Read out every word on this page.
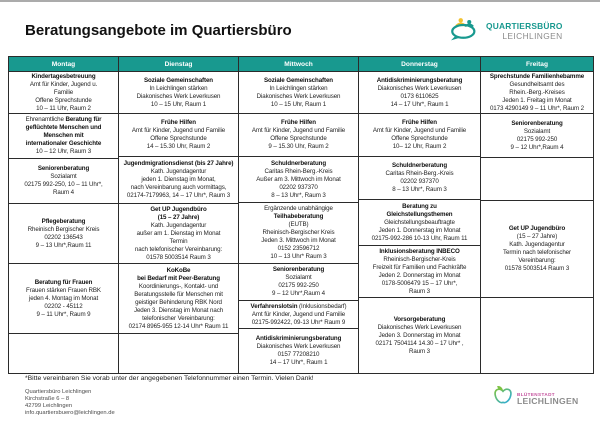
Beratungsangebote im Quartiersbüro	QUARTIERSBÜRO
LEICHLINGEN
Montag
Kindertagesbetreuung
Amt für Kinder, Jugend u.
Familie
Offene Sprechstunde
10 – 11 Uhr, Raum 2
Ehrenamtliche Beratung für
geflüchtete Menschen und
Menschen mit
internationaler Geschichte
10 – 12 Uhr, Raum 3
Seniorenberatung
Sozialamt
02175 992-250, 10 – 11 Uhr*,
Raum 4
Pflegeberatung
Rheinisch Bergischer Kreis
02202 136543
9 – 13 Uhr*,Raum 11
Beratung für Frauen
Frauen stärken Frauen RBK
jeden 4. Montag im Monat
02202 - 45112
9 – 11 Uhr*, Raum 9
Dienstag
Soziale Gemeinschaften
In Leichlingen stärken
Diakonisches Werk Leverkusen
10 – 15 Uhr, Raum 1
Frühe Hilfen
Amt für Kinder, Jugend und Familie
Offene Sprechstunde
14 – 15.30 Uhr, Raum 2
Jugendmigrationsdienst (bis 27 Jahre)
Kath. Jugendagentur
jeden 1. Dienstag im Monat,
nach Vereinbarung auch vormittags,
02174-7179963, 14 – 17 Uhr*, Raum 3
Get UP Jugendbüro
(15 – 27 Jahre)
Kath. Jugendagentur
außer am 1. Dienstag im Monat
Termin
nach telefonischer Vereinbarung:
01578 5003514 Raum 3
KoKoBe
bei Bedarf mit Peer-Beratung
Koordinierungs-, Kontakt- und
Beratungsstelle für Menschen mit
geistiger Behinderung RBK Nord
Jeden 3. Dienstag im Monat nach
telefonischer Vereinbarung:
02174 8965-955 12-14 Uhr* Raum 11
Mittwoch
Soziale Gemeinschaften
In Leichlingen stärken
Diakonisches Werk Leverkusen
10 – 15 Uhr, Raum 1
Frühe Hilfen
Amt für Kinder, Jugend und Familie
Offene Sprechstunde
9 – 15.30 Uhr, Raum 2
Schuldnerberatung
Caritas Rhein-Berg.-Kreis
Außer am 3. Mittwoch im Monat
02202 937370
8 – 13 Uhr*, Raum 3
Ergänzende unabhängige
Teilhabeberatung
(EUTB)
Rheinisch-Bergischer Kreis
Jeden 3. Mittwoch im Monat
0152 23596712
10 – 13 Uhr* Raum 3
Seniorenberatung
Sozialamt
02175 992-250
9 – 12 Uhr*,Raum 4
Verfahrenslotsin (Inklusionsbedarf)
Amt für Kinder, Jugend und Familie
02175-992422, 09-13 Uhr* Raum 9
Antidiskriminierungsberatung
Diakonisches Werk Leverkusen
0157 77208210
14 – 17 Uhr*, Raum 1
Donnerstag
Antidiskriminierungsberatung
Diakonisches Werk Leverkusen
0173 6110625
14 – 17 Uhr*, Raum 1
Frühe Hilfen
Amt für Kinder, Jugend und Familie
Offene Sprechstunde
10– 12 Uhr, Raum 2
Schuldnerberatung
Caritas Rhein-Berg.-Kreis
02202 937370
8 – 13 Uhr*, Raum 3
Beratung zu
Gleichstellungsthemen
Gleichstellungsbeauftragte
Jeden 1. Donnerstag im Monat
02175-992-286 10-13 Uhr, Raum 11
Inklusionsberatung INBECO
Rheinisch-Bergischer-Kreis
Freizeit für Familien und Fachkräfte
Jeden 2. Donnerstag im Monat
0178-5006479 15 – 17 Uhr*,
Raum 3
Vorsorgeberatung
Diakonisches Werk Leverkusen
Jeden 3. Donnerstag im Monat
02171 7504114 14.30 – 17 Uhr* ,
Raum 3
Freitag
Sprechstunde Familienhebamme
Gesundheitsamt des
Rhein.-Berg.-Kreises
Jeden 1. Freitag im Monat
0173 4290149 9 – 11 Uhr*, Raum 2
Seniorenberatung
Sozialamt
02175 992-250
9 – 12 Uhr*,Raum 4
Get UP Jugendbüro
(15 – 27 Jahre)
Kath. Jugendagentur
Termin nach telefonischer
Vereinbarung:
01578 5003514 Raum 3
*Bitte vereinbaren Sie vorab unter der angegebenen Telefonnummer einen Termin. Vielen Dank!
Quartiersbüro Leichlingen
Kirchstraße 6 – 8
42799 Leichlingen
info.quartiersbuero@leichlingen.de
BLÜTENSTADT
LEICHLINGEN
